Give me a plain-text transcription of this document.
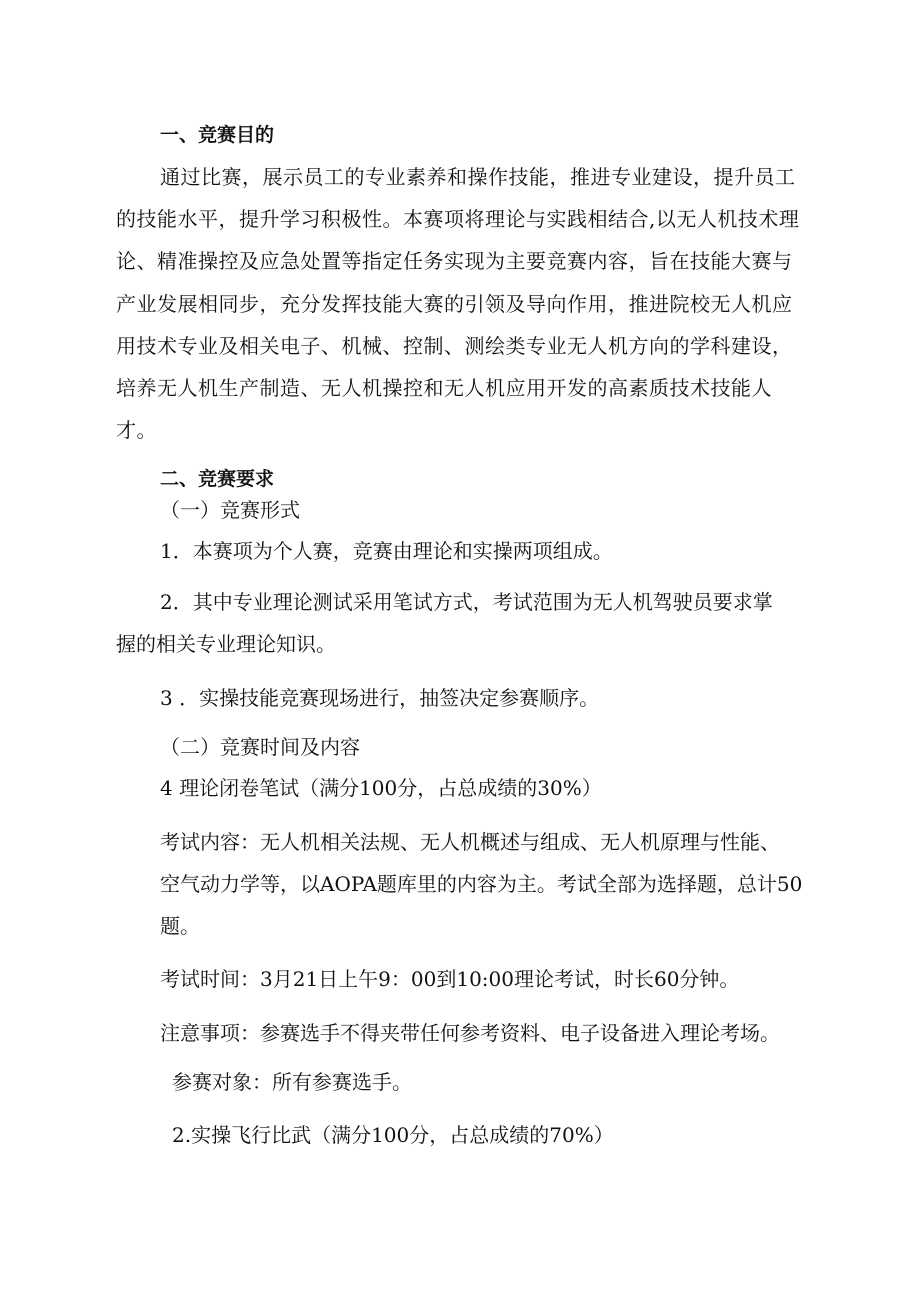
一、竞赛目的
通过比赛，展示员工的专业素养和操作技能，推进专业建设，提升员工
的技能水平，提升学习积极性。本赛项将理论与实践相结合,以无人机技术理
论、精准操控及应急处置等指定任务实现为主要竞赛内容，旨在技能大赛与
产业发展相同步，充分发挥技能大赛的引领及导向作用，推进院校无人机应
用技术专业及相关电子、机械、控制、测绘类专业无人机方向的学科建设，
培养无人机生产制造、无人机操控和无人机应用开发的高素质技术技能人
才。
二、竞赛要求
（一）竞赛形式
1．本赛项为个人赛，竞赛由理论和实操两项组成。
2．其中专业理论测试采用笔试方式，考试范围为无人机驾驶员要求掌
握的相关专业理论知识。
3 ．实操技能竞赛现场进行，抽签决定参赛顺序。
（二）竞赛时间及内容
4 理论闭卷笔试（满分100分，占总成绩的30%）
考试内容：无人机相关法规、无人机概述与组成、无人机原理与性能、
空气动力学等，以AOPA题库里的内容为主。考试全部为选择题，总计50
题。
考试时间：3月21日上午9：00到10:00理论考试，时长60分钟。
注意事项：参赛选手不得夹带任何参考资料、电子设备进入理论考场。
参赛对象：所有参赛选手。
2.实操飞行比武（满分100分，占总成绩的70%）
